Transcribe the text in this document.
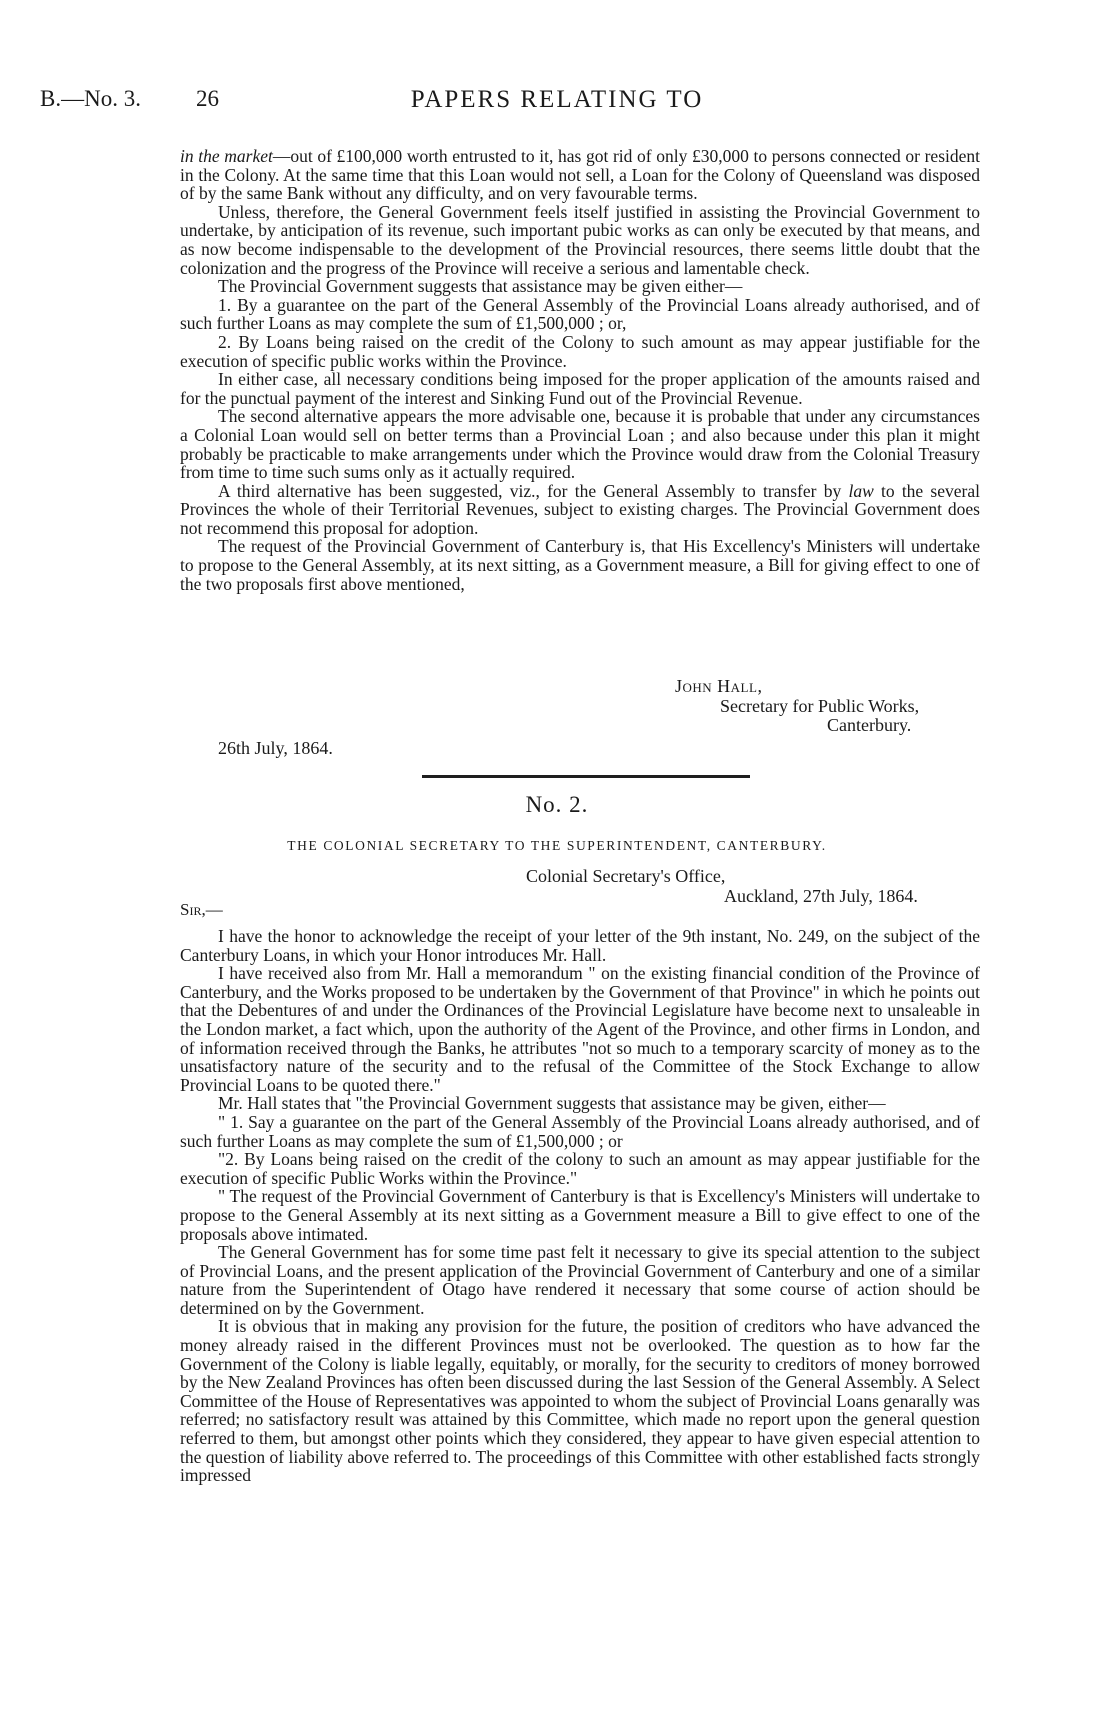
B.—No. 3. 26	PAPERS RELATING TO

in the market—out of £100,000 worth entrusted to it, has got rid of only £30,000 to persons connected or resident in the Colony. At the same time that this Loan would not sell, a Loan for the Colony of Queensland was disposed of by the same Bank without any difficulty, and on very favourable terms.

Unless, therefore, the General Government feels itself justified in assisting the Provincial Government to undertake, by anticipation of its revenue, such important pubic works as can only be executed by that means, and as now become indispensable to the development of the Provincial resources, there seems little doubt that the colonization and the progress of the Province will receive a serious and lamentable check.

The Provincial Government suggests that assistance may be given either—

1. By a guarantee on the part of the General Assembly of the Provincial Loans already authorised, and of such further Loans as may complete the sum of £1,500,000 ; or,

2. By Loans being raised on the credit of the Colony to such amount as may appear justifiable for the execution of specific public works within the Province.

In either case, all necessary conditions being imposed for the proper application of the amounts raised and for the punctual payment of the interest and Sinking Fund out of the Provincial Revenue.

The second alternative appears the more advisable one, because it is probable that under any circumstances a Colonial Loan would sell on better terms than a Provincial Loan ; and also because under this plan it might probably be practicable to make arrangements under which the Province would draw from the Colonial Treasury from time to time such sums only as it actually required.

A third alternative has been suggested, viz., for the General Assembly to transfer by law to the several Provinces the whole of their Territorial Revenues, subject to existing charges. The Provincial Government does not recommend this proposal for adoption.

The request of the Provincial Government of Canterbury is, that His Excellency's Ministers will undertake to propose to the General Assembly, at its next sitting, as a Government measure, a Bill for giving effect to one of the two proposals first above mentioned,

John Hall,
Secretary for Public Works,
Canterbury.
26th July, 1864.
No. 2.
THE COLONIAL SECRETARY TO THE SUPERINTENDENT, CANTERBURY.
Colonial Secretary's Office,
Auckland, 27th July, 1864.
Sir,—

I have the honor to acknowledge the receipt of your letter of the 9th instant, No. 249, on the subject of the Canterbury Loans, in which your Honor introduces Mr. Hall.

I have received also from Mr. Hall a memorandum " on the existing financial condition of the Province of Canterbury, and the Works proposed to be undertaken by the Government of that Province" in which he points out that the Debentures of and under the Ordinances of the Provincial Legislature have become next to unsaleable in the London market, a fact which, upon the authority of the Agent of the Province, and other firms in London, and of information received through the Banks, he attributes "not so much to a temporary scarcity of money as to the unsatisfactory nature of the security and to the refusal of the Committee of the Stock Exchange to allow Provincial Loans to be quoted there."

Mr. Hall states that "the Provincial Government suggests that assistance may be given, either—

" 1. Say a guarantee on the part of the General Assembly of the Provincial Loans already authorised, and of such further Loans as may complete the sum of £1,500,000 ; or

"2. By Loans being raised on the credit of the colony to such an amount as may appear justifiable for the execution of specific Public Works within the Province."

" The request of the Provincial Government of Canterbury is that is Excellency's Ministers will undertake to propose to the General Assembly at its next sitting as a Government measure a Bill to give effect to one of the proposals above intimated.

The General Government has for some time past felt it necessary to give its special attention to the subject of Provincial Loans, and the present application of the Provincial Government of Canterbury and one of a similar nature from the Superintendent of Otago have rendered it necessary that some course of action should be determined on by the Government.

It is obvious that in making any provision for the future, the position of creditors who have advanced the money already raised in the different Provinces must not be overlooked. The question as to how far the Government of the Colony is liable legally, equitably, or morally, for the security to creditors of money borrowed by the New Zealand Provinces has often been discussed during the last Session of the General Assembly. A Select Committee of the House of Representatives was appointed to whom the subject of Provincial Loans genarally was referred; no satisfactory result was attained by this Committee, which made no report upon the general question referred to them, but amongst other points which they considered, they appear to have given especial attention to the question of liability above referred to. The proceedings of this Committee with other established facts strongly impressed
